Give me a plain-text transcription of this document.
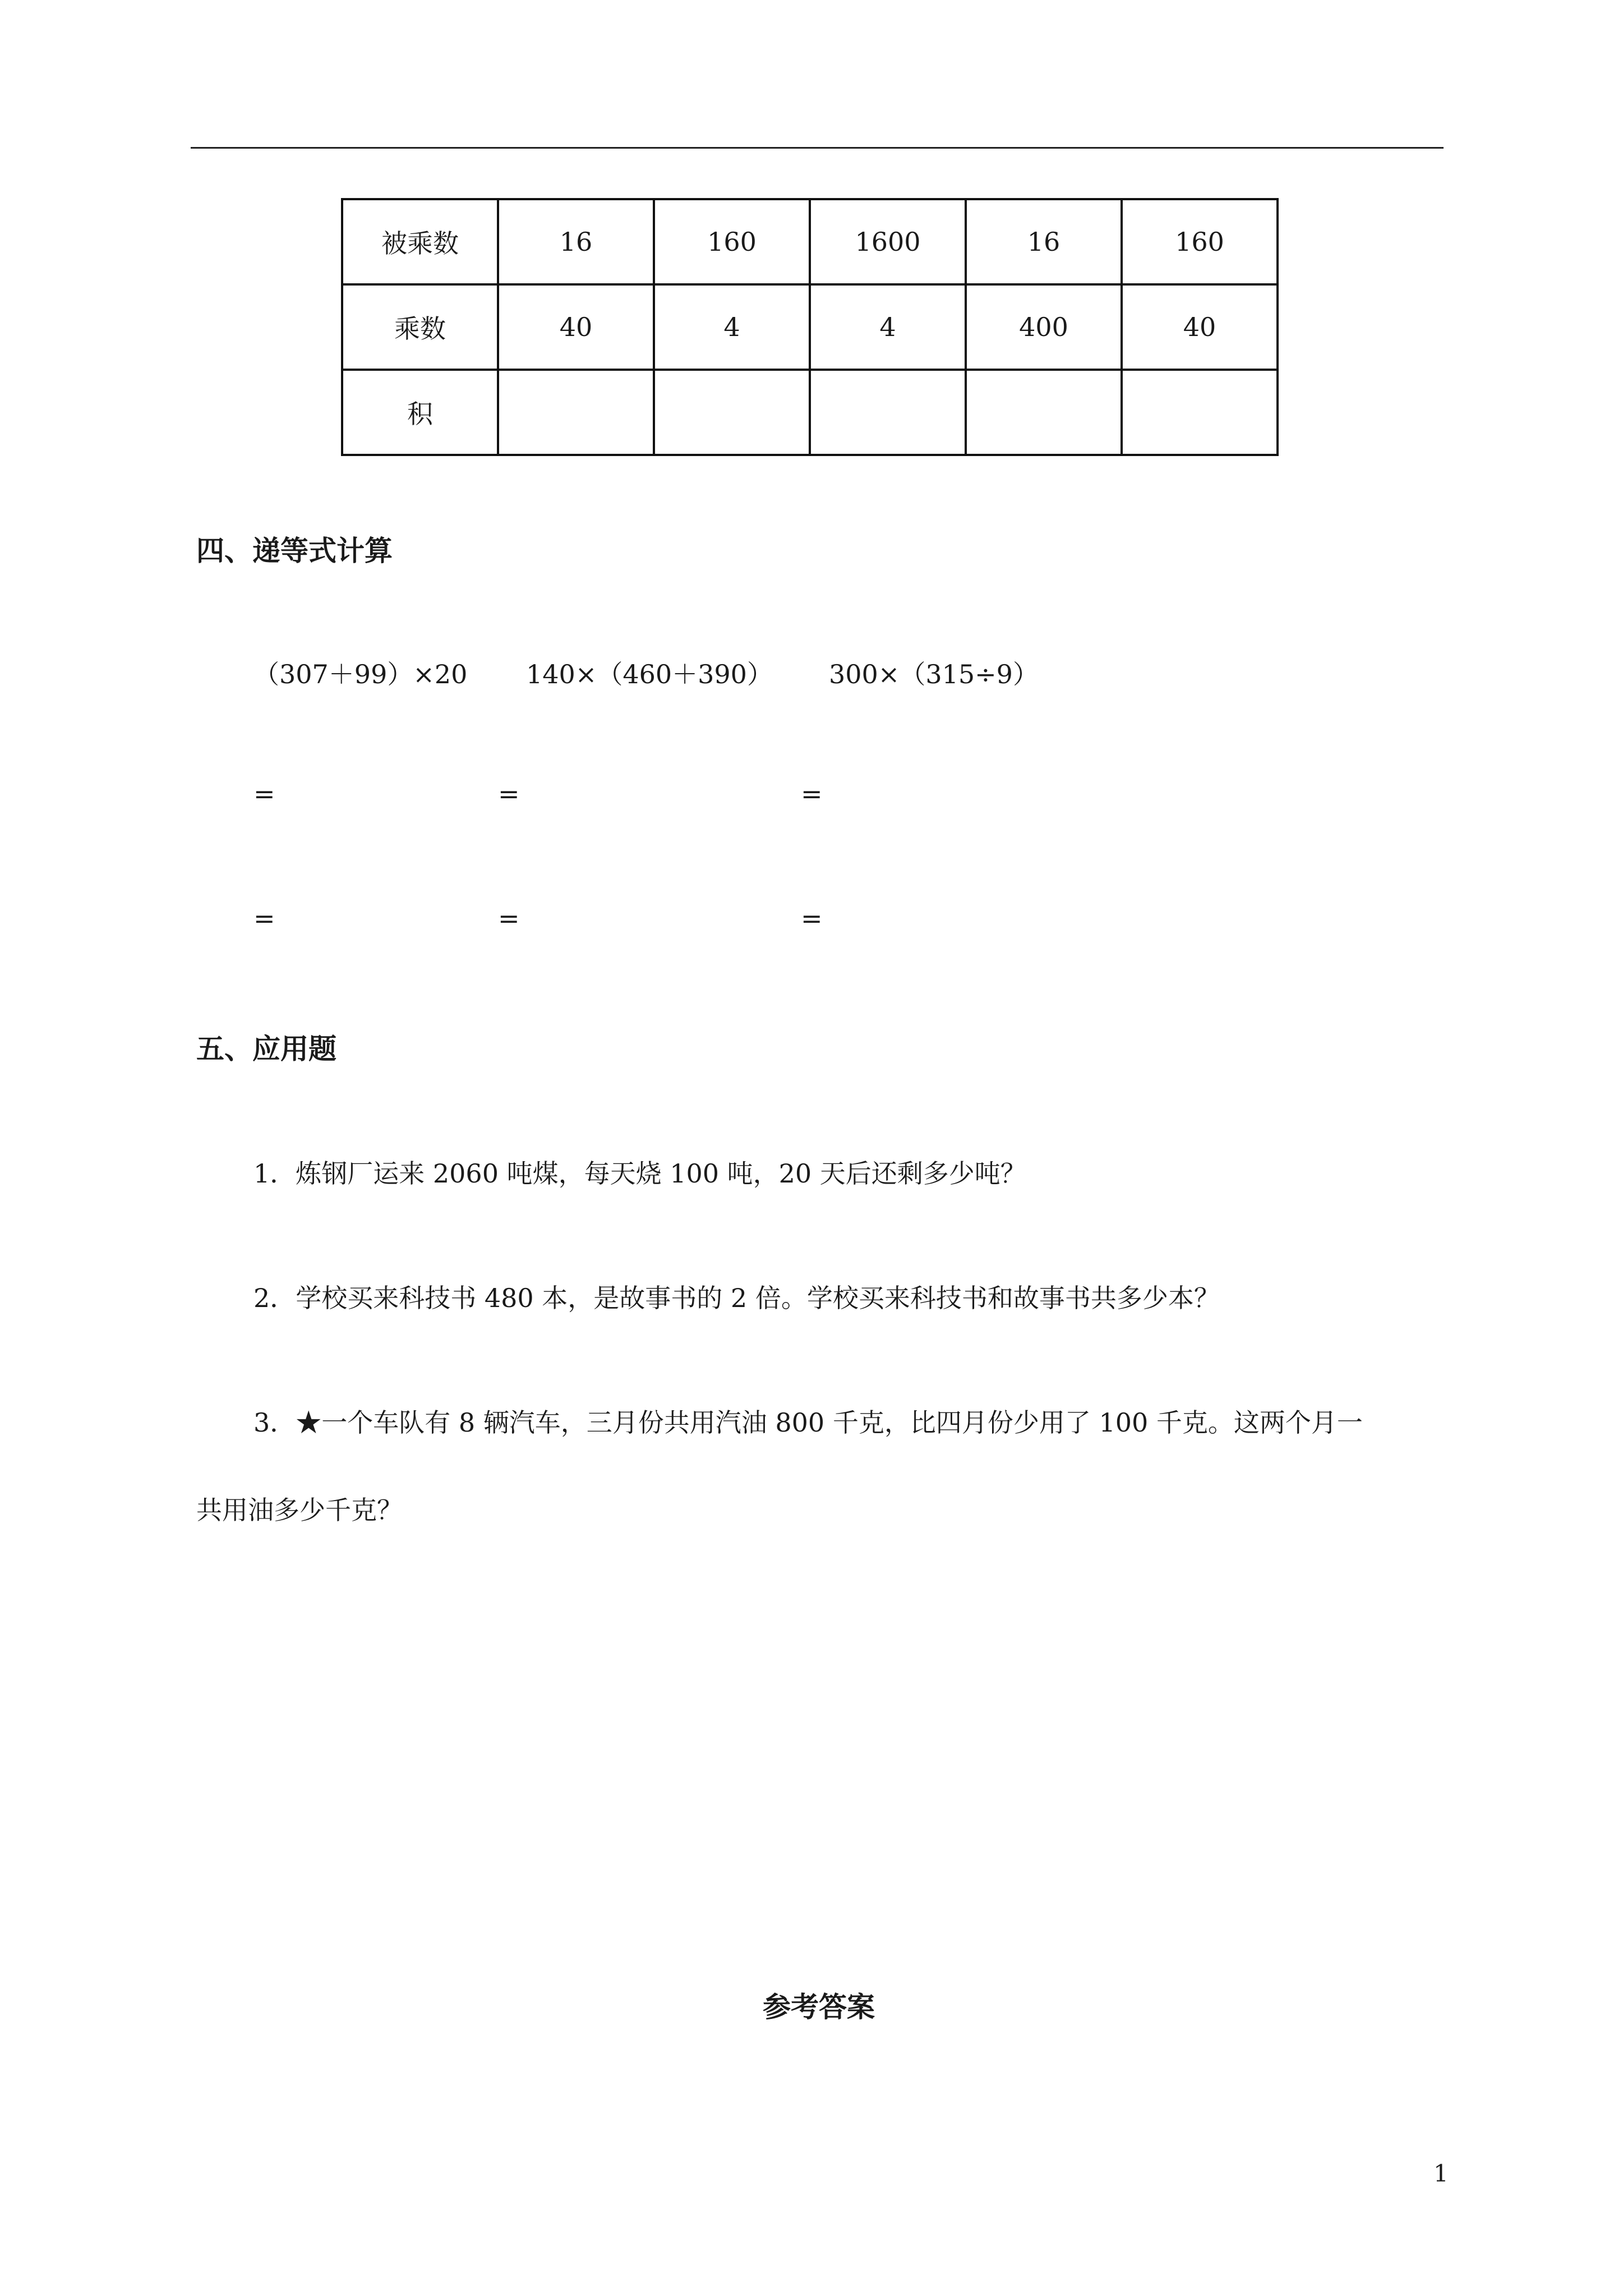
被乘数	16	160	1600	16	160
乘数	40	4	4	400	40
积					
四、递等式计算
（307＋99）×20 140×（460＋390） 300×（315÷9）
=	=	=
=	=	=
五、应用题
1．炼钢厂运来 2060 吨煤，每天烧 100 吨，20 天后还剩多少吨？
2．学校买来科技书 480 本，是故事书的 2 倍。学校买来科技书和故事书共多少本？
3．★一个车队有 8 辆汽车，三月份共用汽油 800 千克，比四月份少用了 100 千克。这两个月一
共用油多少千克？
参考答案
1
